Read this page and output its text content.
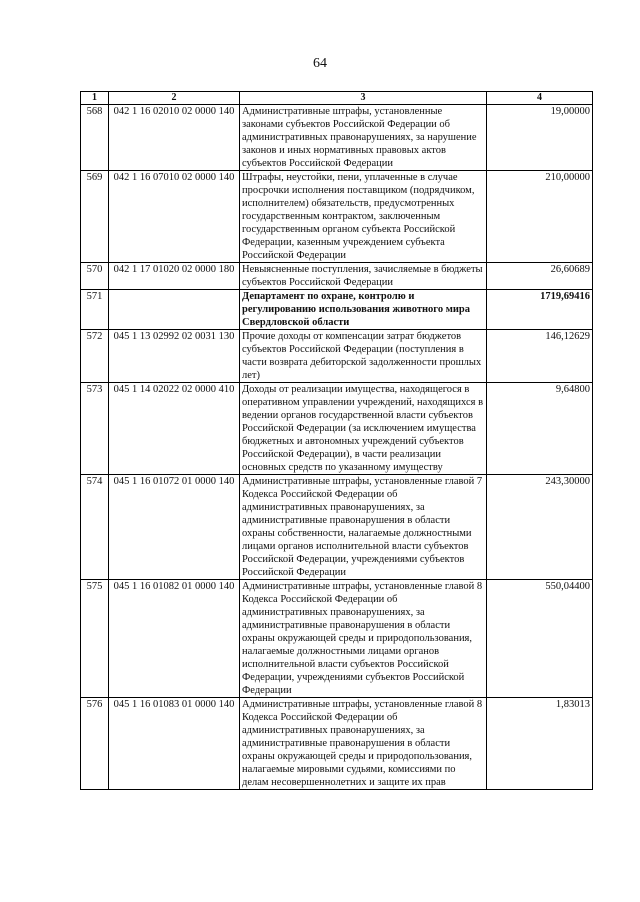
64
1	2	3	4
568	042 1 16 02010 02 0000 140	Административные штрафы, установленные законами субъектов Российской Федерации об административных правонарушениях, за нарушение законов и иных нормативных правовых актов субъектов Российской Федерации	19,00000
569	042 1 16 07010 02 0000 140	Штрафы, неустойки, пени, уплаченные в случае просрочки исполнения поставщиком (подрядчиком, исполнителем) обязательств, предусмотренных государственным контрактом, заключенным государственным органом субъекта Российской Федерации, казенным учреждением субъекта Российской Федерации	210,00000
570	042 1 17 01020 02 0000 180	Невыясненные поступления, зачисляемые в бюджеты субъектов Российской Федерации	26,60689
571		Департамент по охране, контролю и регулированию использования животного мира Свердловской области	1719,69416
572	045 1 13 02992 02 0031 130	Прочие доходы от компенсации затрат бюджетов субъектов Российской Федерации (поступления в части возврата дебиторской задолженности прошлых лет)	146,12629
573	045 1 14 02022 02 0000 410	Доходы от реализации имущества, находящегося в оперативном управлении учреждений, находящихся в ведении органов государственной власти субъектов Российской Федерации (за исключением имущества бюджетных и автономных учреждений субъектов Российской Федерации), в части реализации основных средств по указанному имуществу	9,64800
574	045 1 16 01072 01 0000 140	Административные штрафы, установленные главой 7 Кодекса Российской Федерации об административных правонарушениях, за административные правонарушения в области охраны собственности, налагаемые должностными лицами органов исполнительной власти субъектов Российской Федерации, учреждениями субъектов Российской Федерации	243,30000
575	045 1 16 01082 01 0000 140	Административные штрафы, установленные главой 8 Кодекса Российской Федерации об административных правонарушениях, за административные правонарушения в области охраны окружающей среды и природопользования, налагаемые должностными лицами органов исполнительной власти субъектов Российской Федерации, учреждениями субъектов Российской Федерации	550,04400
576	045 1 16 01083 01 0000 140	Административные штрафы, установленные главой 8 Кодекса Российской Федерации об административных правонарушениях, за административные правонарушения в области охраны окружающей среды и природопользования, налагаемые мировыми судьями, комиссиями по делам несовершеннолетних и защите их прав	1,83013
